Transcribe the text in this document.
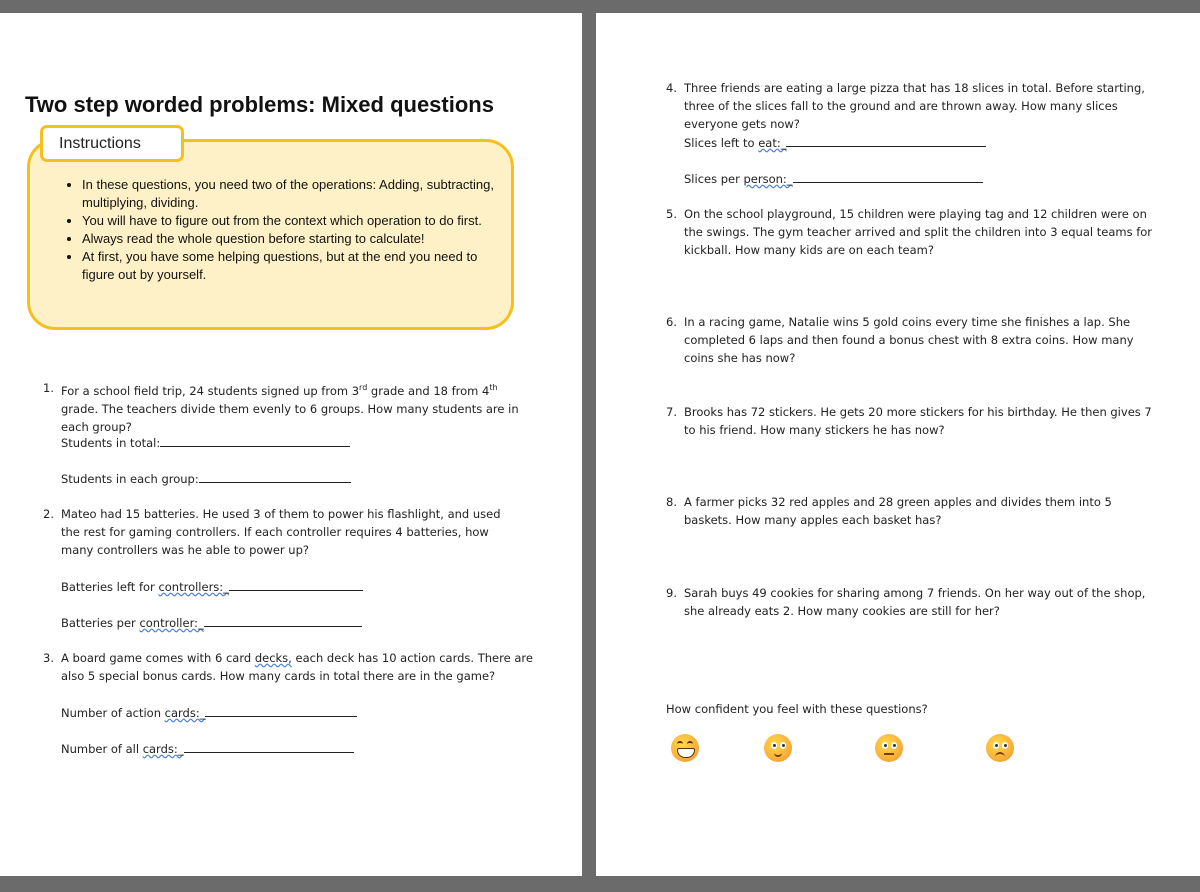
Two step worded problems: Mixed questions
Instructions
• In these questions, you need two of the operations: Adding, subtracting, multiplying, dividing.
• You will have to figure out from the context which operation to do first.
• Always read the whole question before starting to calculate!
• At first, you have some helping questions, but at the end you need to figure out by yourself.
1. For a school field trip, 24 students signed up from 3rd grade and 18 from 4th grade. The teachers divide them evenly to 6 groups. How many students are in each group?
Students in total:
Students in each group:
2. Mateo had 15 batteries. He used 3 of them to power his flashlight, and used the rest for gaming controllers. If each controller requires 4 batteries, how many controllers was he able to power up?
Batteries left for controllers:_
Batteries per controller:_
3. A board game comes with 6 card decks, each deck has 10 action cards. There are also 5 special bonus cards. How many cards in total there are in the game?
Number of action cards:_
Number of all cards:_
4. Three friends are eating a large pizza that has 18 slices in total. Before starting, three of the slices fall to the ground and are thrown away. How many slices everyone gets now?
Slices left to eat:_
Slices per person:_
5. On the school playground, 15 children were playing tag and 12 children were on the swings. The gym teacher arrived and split the children into 3 equal teams for kickball. How many kids are on each team?
6. In a racing game, Natalie wins 5 gold coins every time she finishes a lap. She completed 6 laps and then found a bonus chest with 8 extra coins. How many coins she has now?
7. Brooks has 72 stickers. He gets 20 more stickers for his birthday. He then gives 7 to his friend. How many stickers he has now?
8. A farmer picks 32 red apples and 28 green apples and divides them into 5 baskets. How many apples each basket has?
9. Sarah buys 49 cookies for sharing among 7 friends. On her way out of the shop, she already eats 2. How many cookies are still for her?
How confident you feel with these questions?
